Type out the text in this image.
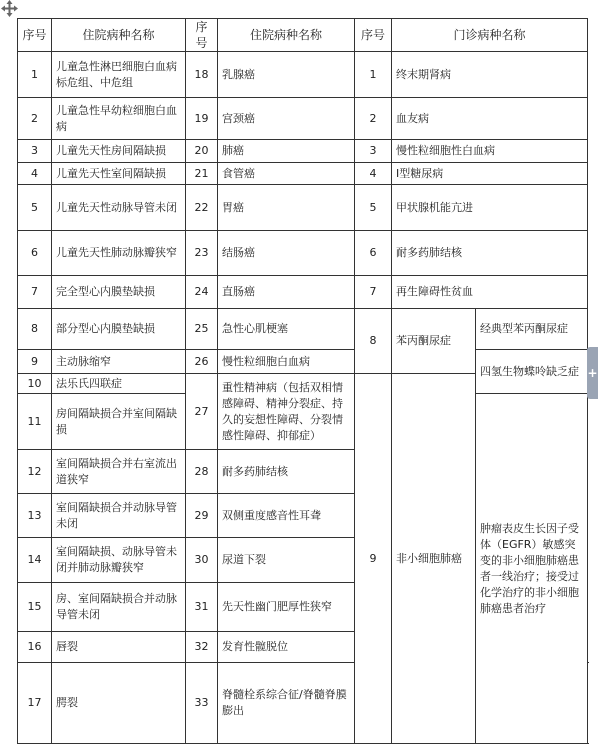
序号	住院病种名称	序号	住院病种名称	序号	门诊病种名称		
1	儿童急性淋巴细胞白血病标危组、中危组	18	乳腺癌	1	终末期肾病		
2	儿童急性早幼粒细胞白血病	19	宫颈癌	2	血友病		
3	儿童先天性房间隔缺损	20	肺癌	3	慢性粒细胞性白血病		
4	儿童先天性室间隔缺损	21	食管癌	4	I型糖尿病		
5	儿童先天性动脉导管未闭	22	胃癌	5	甲状腺机能亢进		
6	儿童先天性肺动脉瓣狭窄	23	结肠癌	6	耐多药肺结核		
7	完全型心内膜垫缺损	24	直肠癌	7	再生障碍性贫血		
8	部分型心内膜垫缺损	25	急性心肌梗塞	8	苯丙酮尿症	经典型苯丙酮尿症	
9	主动脉缩窄	26	慢性粒细胞白血病			四氢生物蝶呤缺乏症	
10	法乐氏四联症	27	重性精神病（包括双相情感障碍、精神分裂症、持久的妄想性障碍、分裂情感性障碍、抑郁症）	9	非小细胞肺癌		
11	房间隔缺损合并室间隔缺损					肿瘤表皮生长因子受体（EGFR）敏感突变的非小细胞肺癌患者一线治疗；接受过化学治疗的非小细胞肺癌患者治疗	
12	室间隔缺损合并右室流出道狭窄	28	耐多药肺结核				
13	室间隔缺损合并动脉导管未闭	29	双侧重度感音性耳聋				
14	室间隔缺损、动脉导管未闭并肺动脉瓣狭窄	30	尿道下裂				
15	房、室间隔缺损合并动脉导管未闭	31	先天性幽门肥厚性狭窄				
16	唇裂	32	发育性髋脱位				
17	腭裂	33	脊髓栓系综合征/脊髓脊膜膨出		
+
